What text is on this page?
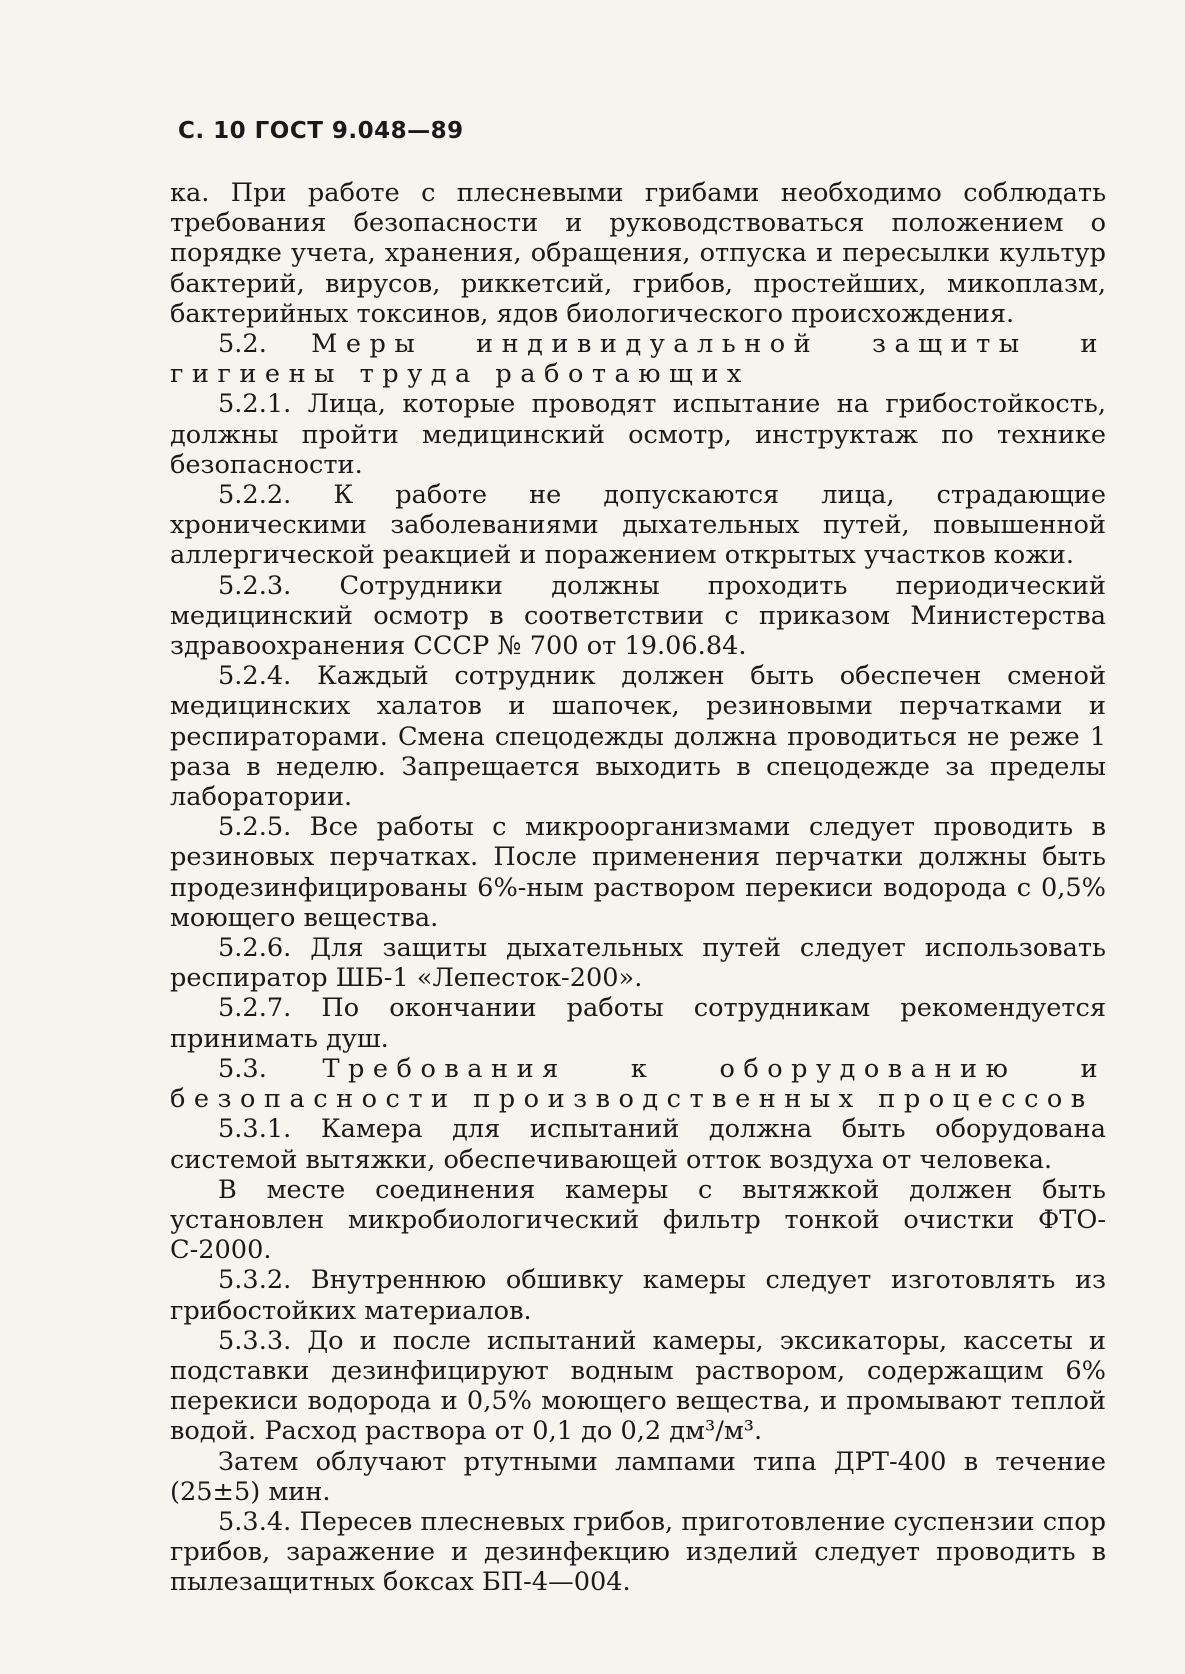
С. 10 ГОСТ 9.048—89

ка. При работе с плесневыми грибами необходимо соблюдать требования безопасности и руководствоваться положением о порядке учета, хранения, обращения, отпуска и пересылки культур бактерий, вирусов, риккетсий, грибов, простейших, микоплазм, бактерийных токсинов, ядов биологического происхождения.

5.2. Меры индивидуальной защиты и гигиены труда работающих

5.2.1. Лица, которые проводят испытание на грибостойкость, должны пройти медицинский осмотр, инструктаж по технике безопасности.

5.2.2. К работе не допускаются лица, страдающие хроническими заболеваниями дыхательных путей, повышенной аллергической реакцией и поражением открытых участков кожи.

5.2.3. Сотрудники должны проходить периодический медицинский осмотр в соответствии с приказом Министерства здравоохранения СССР № 700 от 19.06.84.

5.2.4. Каждый сотрудник должен быть обеспечен сменой медицинских халатов и шапочек, резиновыми перчатками и респираторами. Смена спецодежды должна проводиться не реже 1 раза в неделю. Запрещается выходить в спецодежде за пределы лаборатории.

5.2.5. Все работы с микроорганизмами следует проводить в резиновых перчатках. После применения перчатки должны быть продезинфицированы 6%-ным раствором перекиси водорода с 0,5% моющего вещества.

5.2.6. Для защиты дыхательных путей следует использовать респиратор ШБ-1 «Лепесток-200».

5.2.7. По окончании работы сотрудникам рекомендуется принимать душ.

5.3. Требования к оборудованию и безопасности производственных процессов

5.3.1. Камера для испытаний должна быть оборудована системой вытяжки, обеспечивающей отток воздуха от человека.

В месте соединения камеры с вытяжкой должен быть установлен микробиологический фильтр тонкой очистки ФТО-С-2000.

5.3.2. Внутреннюю обшивку камеры следует изготовлять из грибостойких материалов.

5.3.3. До и после испытаний камеры, эксикаторы, кассеты и подставки дезинфицируют водным раствором, содержащим 6% перекиси водорода и 0,5% моющего вещества, и промывают теплой водой. Расход раствора от 0,1 до 0,2 дм³/м³.

Затем облучают ртутными лампами типа ДРТ-400 в течение (25±5) мин.

5.3.4. Пересев плесневых грибов, приготовление суспензии спор грибов, заражение и дезинфекцию изделий следует проводить в пылезащитных боксах БП-4—004.
